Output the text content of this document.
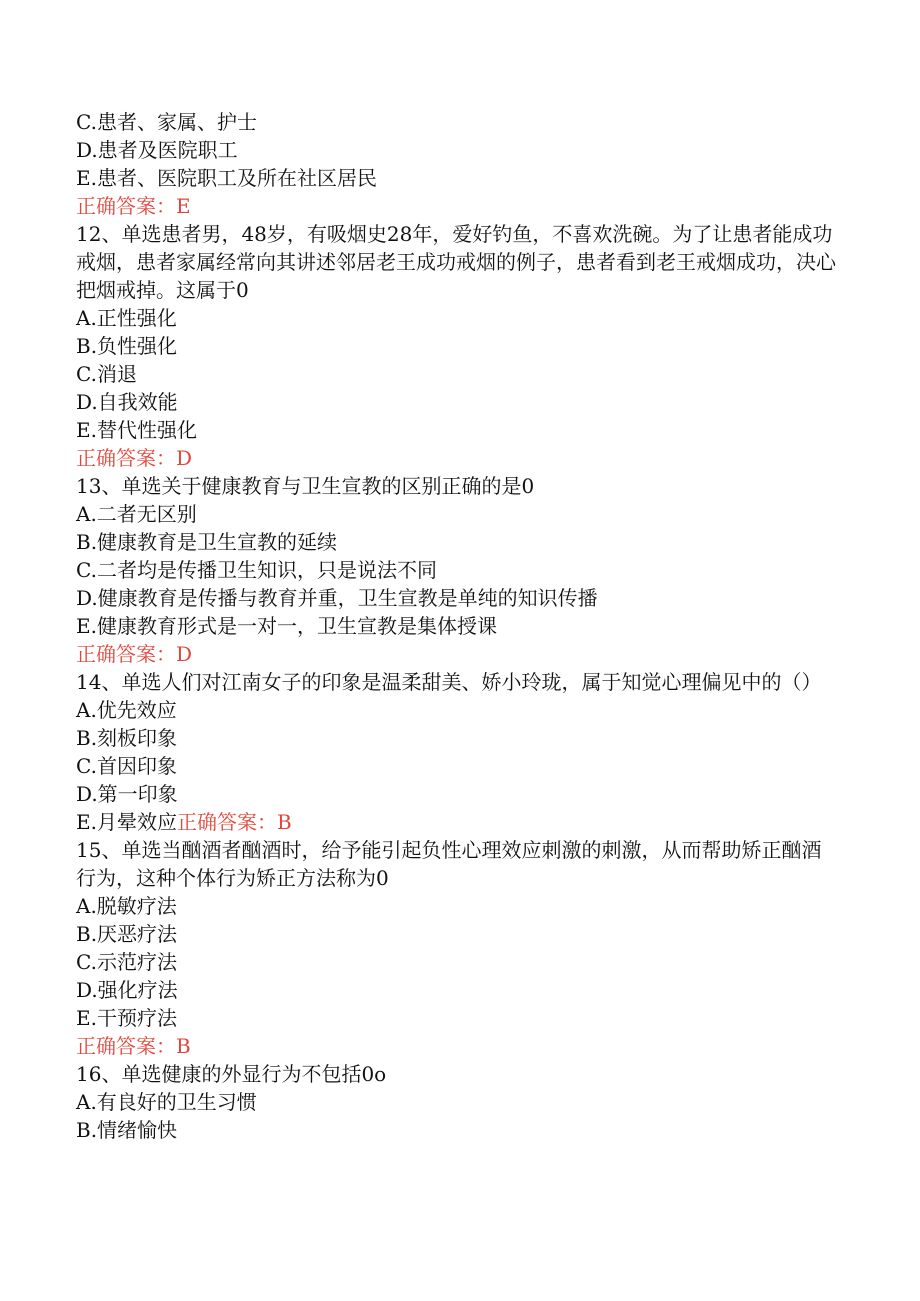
C.患者、家属、护士
D.患者及医院职工
E.患者、医院职工及所在社区居民
正确答案：E
12、单选患者男，48岁，有吸烟史28年，爱好钓鱼，不喜欢洗碗。为了让患者能成功戒烟，患者家属经常向其讲述邻居老王成功戒烟的例子，患者看到老王戒烟成功，决心把烟戒掉。这属于0
A.正性强化
B.负性强化
C.消退
D.自我效能
E.替代性强化
正确答案：D
13、单选关于健康教育与卫生宣教的区别正确的是0
A.二者无区别
B.健康教育是卫生宣教的延续
C.二者均是传播卫生知识，只是说法不同
D.健康教育是传播与教育并重，卫生宣教是单纯的知识传播
E.健康教育形式是一对一，卫生宣教是集体授课
正确答案：D
14、单选人们对江南女子的印象是温柔甜美、娇小玲珑，属于知觉心理偏见中的（）
A.优先效应
B.刻板印象
C.首因印象
D.第一印象
E.月晕效应正确答案：B
15、单选当酗酒者酗酒时，给予能引起负性心理效应刺激的刺激，从而帮助矫正酗酒行为，这种个体行为矫正方法称为0
A.脱敏疗法
B.厌恶疗法
C.示范疗法
D.强化疗法
E.干预疗法
正确答案：B
16、单选健康的外显行为不包括0o
A.有良好的卫生习惯
B.情绪愉快
